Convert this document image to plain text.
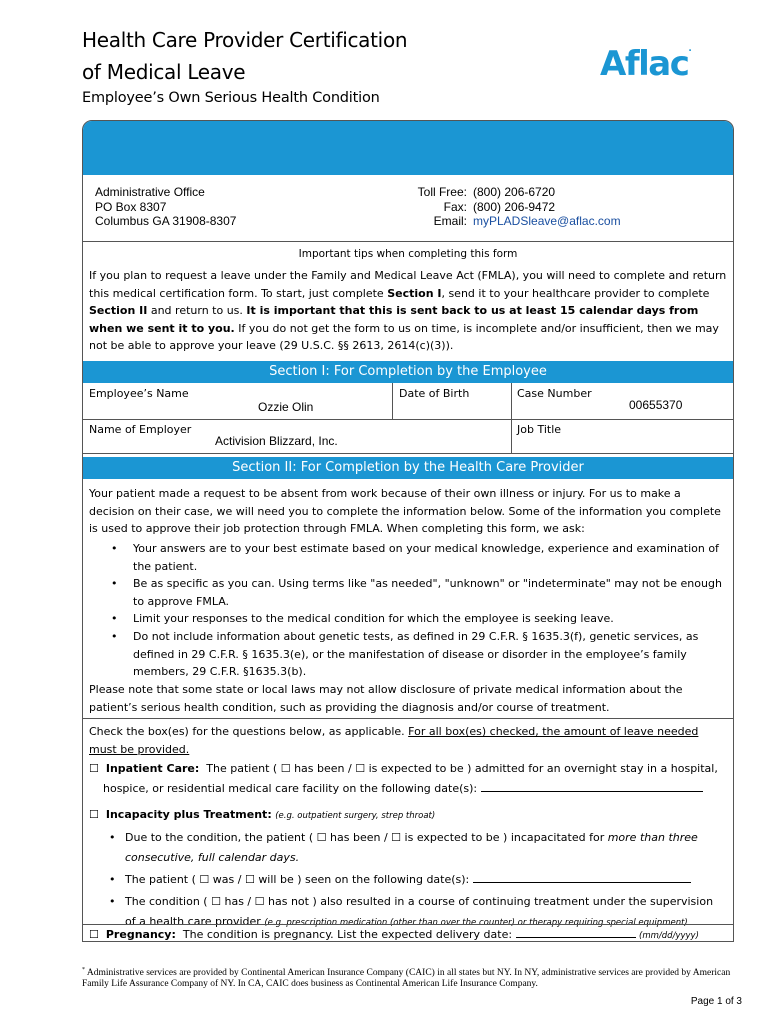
Health Care Provider Certification
of Medical Leave
Employee’s Own Serious Health Condition
Aflac.
Administrative Office
PO Box 8307
Columbus GA 31908-8307
Toll Free: (800) 206-6720
Fax: (800) 206-9472
Email: myPLADSleave@aflac.com
Important tips when completing this form
If you plan to request a leave under the Family and Medical Leave Act (FMLA), you will need to complete and return this medical certification form. To start, just complete Section I, send it to your healthcare provider to complete Section II and return to us. It is important that this is sent back to us at least 15 calendar days from when we sent it to you. If you do not get the form to us on time, is incomplete and/or insufficient, then we may not be able to approve your leave (29 U.S.C. §§ 2613, 2614(c)(3)).
Section I: For Completion by the Employee
Employee’s Name
Ozzie Olin
Date of Birth	Case Number
00655370
Name of Employer
Activision Blizzard, Inc.
Job Title
Section II: For Completion by the Health Care Provider
Your patient made a request to be absent from work because of their own illness or injury. For us to make a decision on their case, we will need you to complete the information below. Some of the information you complete is used to approve their job protection through FMLA. When completing this form, we ask:
• Your answers are to your best estimate based on your medical knowledge, experience and examination of the patient.
• Be as specific as you can. Using terms like "as needed", "unknown" or "indeterminate" may not be enough to approve FMLA.
• Limit your responses to the medical condition for which the employee is seeking leave.
• Do not include information about genetic tests, as defined in 29 C.F.R. § 1635.3(f), genetic services, as defined in 29 C.F.R. § 1635.3(e), or the manifestation of disease or disorder in the employee’s family members, 29 C.F.R. §1635.3(b).
Please note that some state or local laws may not allow disclosure of private medical information about the patient’s serious health condition, such as providing the diagnosis and/or course of treatment.
Check the box(es) for the questions below, as applicable. For all box(es) checked, the amount of leave needed must be provided.
☐ Inpatient Care: The patient ( ☐ has been / ☐ is expected to be ) admitted for an overnight stay in a hospital,
hospice, or residential medical care facility on the following date(s):
☐ Incapacity plus Treatment: (e.g. outpatient surgery, strep throat)
• Due to the condition, the patient ( ☐ has been / ☐ is expected to be ) incapacitated for more than three consecutive, full calendar days.
• The patient ( ☐ was / ☐ will be ) seen on the following date(s):
• The condition ( ☐ has / ☐ has not ) also resulted in a course of continuing treatment under the supervision
of a health care provider (e.g. prescription medication (other than over the counter) or therapy requiring special equipment)
☐ Pregnancy: The condition is pregnancy. List the expected delivery date:	(mm/dd/yyyy)
* Administrative services are provided by Continental American Insurance Company (CAIC) in all states but NY. In NY, administrative services are provided by American Family Life Assurance Company of NY. In CA, CAIC does business as Continental American Life Insurance Company.
Page 1 of 3
